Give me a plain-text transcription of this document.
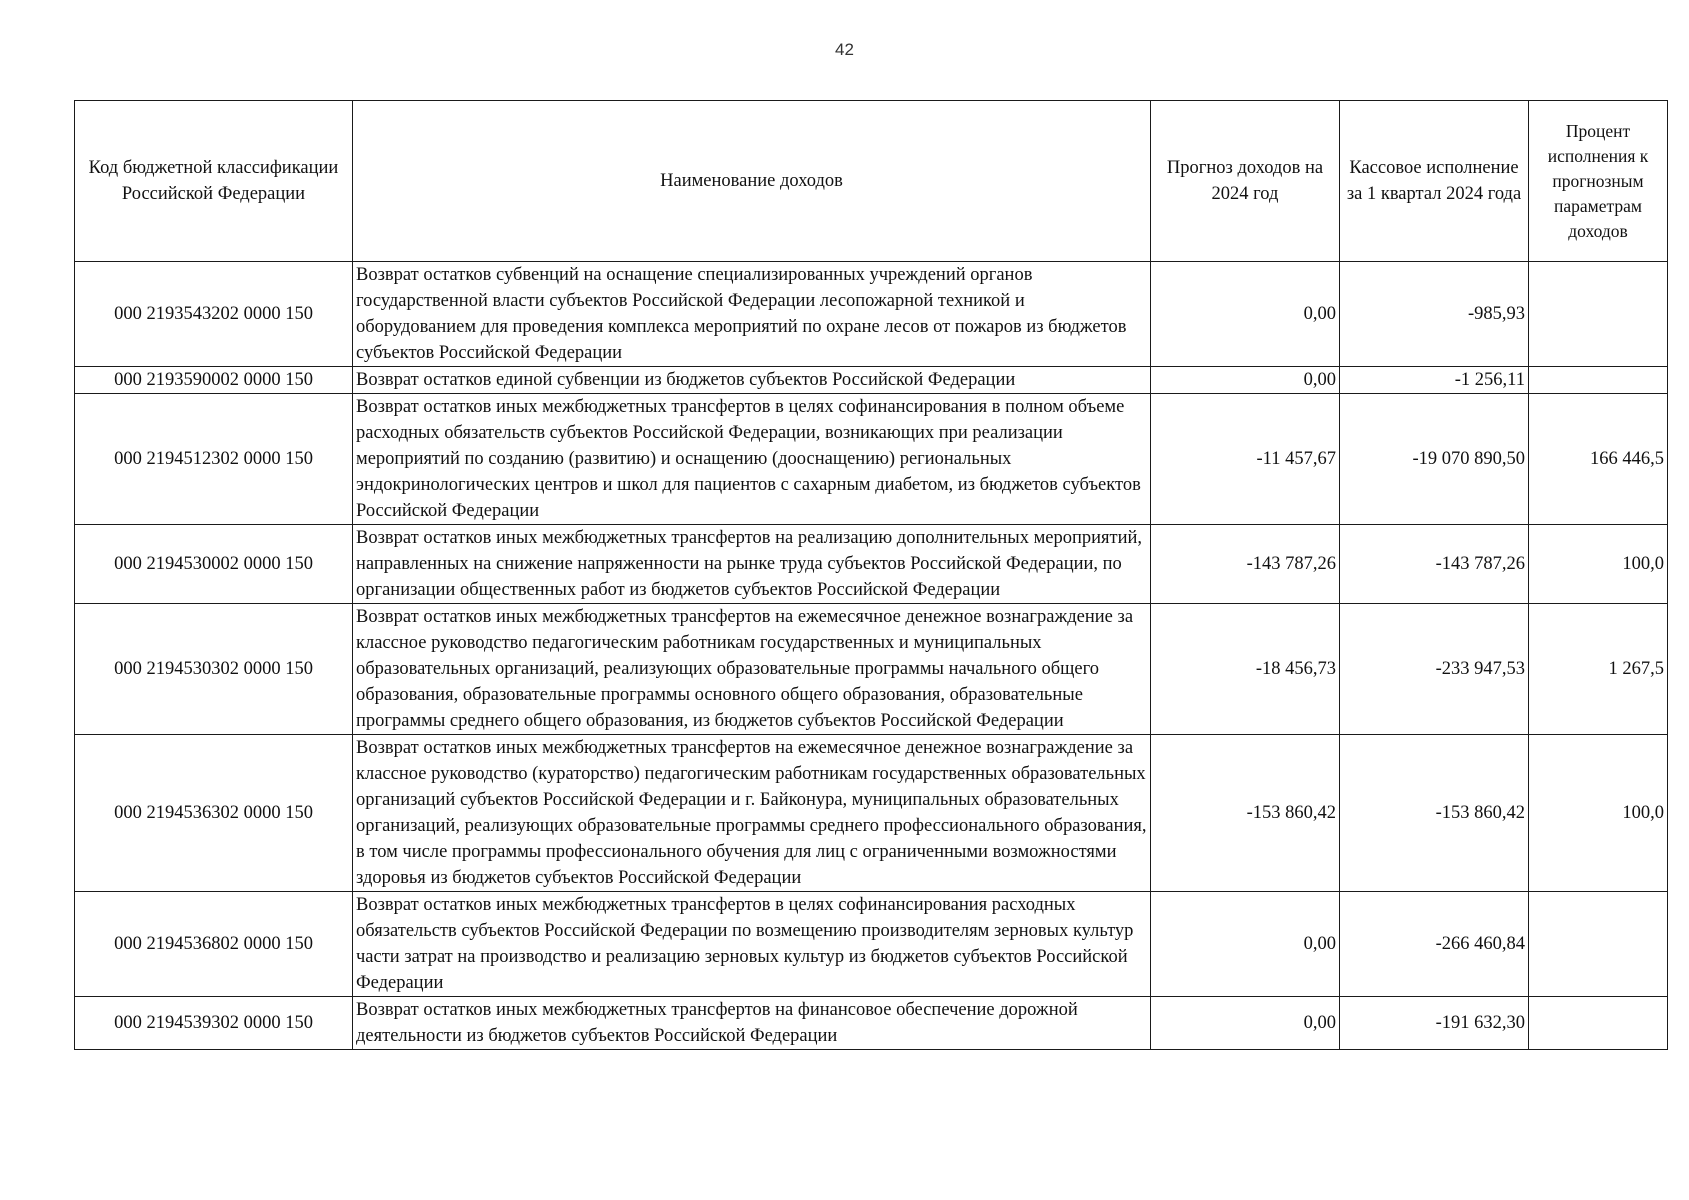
42
Код бюджетной классификации Российской Федерации	Наименование доходов	Прогноз доходов на 2024 год	Кассовое исполнение за 1 квартал 2024 года	Процент исполнения к прогнозным параметрам доходов
000 2193543202 0000 150	Возврат остатков субвенций на оснащение специализированных учреждений органов государственной власти субъектов Российской Федерации лесопожарной техникой и оборудованием для проведения комплекса мероприятий по охране лесов от пожаров из бюджетов субъектов Российской Федерации	0,00	-985,93	
000 2193590002 0000 150	Возврат остатков единой субвенции из бюджетов субъектов Российской Федерации	0,00	-1 256,11	
000 2194512302 0000 150	Возврат остатков иных межбюджетных трансфертов в целях софинансирования в полном объеме расходных обязательств субъектов Российской Федерации, возникающих при реализации мероприятий по созданию (развитию) и оснащению (дооснащению) региональных эндокринологических центров и школ для пациентов с сахарным диабетом, из бюджетов субъектов Российской Федерации	-11 457,67	-19 070 890,50	166 446,5
000 2194530002 0000 150	Возврат остатков иных межбюджетных трансфертов на реализацию дополнительных мероприятий, направленных на снижение напряженности на рынке труда субъектов Российской Федерации, по организации общественных работ из бюджетов субъектов Российской Федерации	-143 787,26	-143 787,26	100,0
000 2194530302 0000 150	Возврат остатков иных межбюджетных трансфертов на ежемесячное денежное вознаграждение за классное руководство педагогическим работникам государственных и муниципальных образовательных организаций, реализующих образовательные программы начального общего образования, образовательные программы основного общего образования, образовательные программы среднего общего образования, из бюджетов субъектов Российской Федерации	-18 456,73	-233 947,53	1 267,5
000 2194536302 0000 150	Возврат остатков иных межбюджетных трансфертов на ежемесячное денежное вознаграждение за классное руководство (кураторство) педагогическим работникам государственных образовательных организаций субъектов Российской Федерации и г. Байконура, муниципальных образовательных организаций, реализующих образовательные программы среднего профессионального образования, в том числе программы профессионального обучения для лиц с ограниченными возможностями здоровья из бюджетов субъектов Российской Федерации	-153 860,42	-153 860,42	100,0
000 2194536802 0000 150	Возврат остатков иных межбюджетных трансфертов в целях софинансирования расходных обязательств субъектов Российской Федерации по возмещению производителям зерновых культур части затрат на производство и реализацию зерновых культур из бюджетов субъектов Российской Федерации	0,00	-266 460,84	
000 2194539302 0000 150	Возврат остатков иных межбюджетных трансфертов на финансовое обеспечение дорожной деятельности из бюджетов субъектов Российской Федерации	0,00	-191 632,30	
